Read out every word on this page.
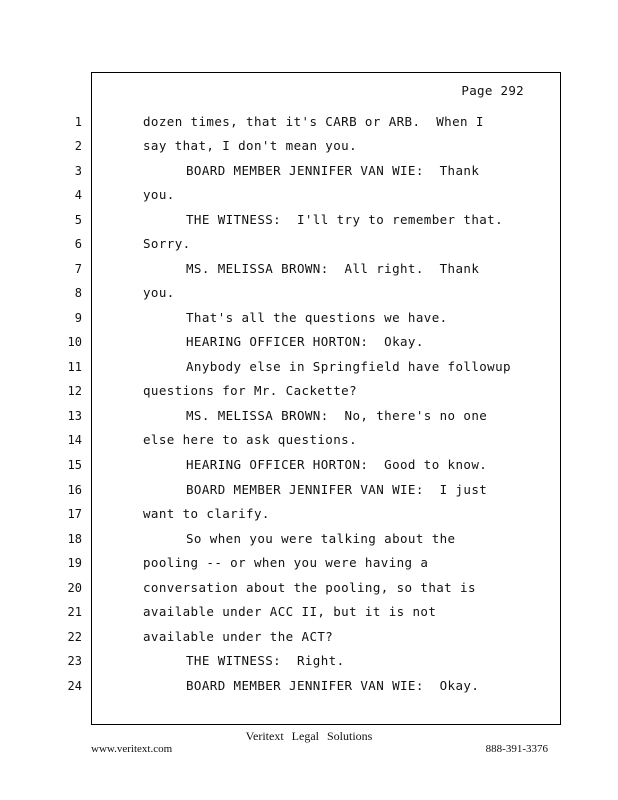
Page 292
1	dozen times, that it's CARB or ARB.  When I
2	say that, I don't mean you.
3	BOARD MEMBER JENNIFER VAN WIE:  Thank
4	you.
5	THE WITNESS:  I'll try to remember that.
6	Sorry.
7	MS. MELISSA BROWN:  All right.  Thank
8	you.
9	That's all the questions we have.
10	HEARING OFFICER HORTON:  Okay.
11	Anybody else in Springfield have followup
12	questions for Mr. Cackette?
13	MS. MELISSA BROWN:  No, there's no one
14	else here to ask questions.
15	HEARING OFFICER HORTON:  Good to know.
16	BOARD MEMBER JENNIFER VAN WIE:  I just
17	want to clarify.
18	So when you were talking about the
19	pooling -- or when you were having a
20	conversation about the pooling, so that is
21	available under ACC II, but it is not
22	available under the ACT?
23	THE WITNESS:  Right.
24	BOARD MEMBER JENNIFER VAN WIE:  Okay.
Veritext Legal Solutions
www.veritext.com	888-391-3376
